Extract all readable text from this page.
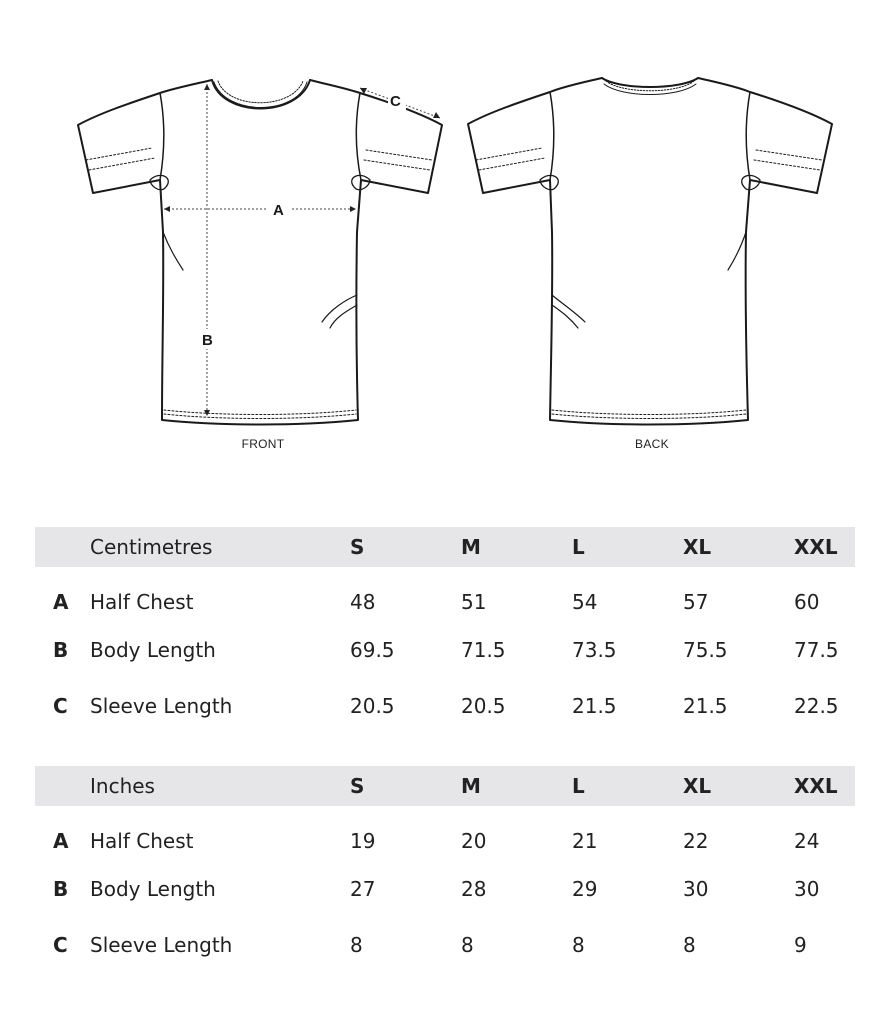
A
B
C
FRONT	BACK
	Centimetres	S	M	L	XL	XXL
A	Half Chest	48	51	54	57	60
B	Body Length	69.5	71.5	73.5	75.5	77.5
C	Sleeve Length	20.5	20.5	21.5	21.5	22.5
	Inches	S	M	L	XL	XXL
A	Half Chest	19	20	21	22	24
B	Body Length	27	28	29	30	30
C	Sleeve Length	8	8	8	8	9
